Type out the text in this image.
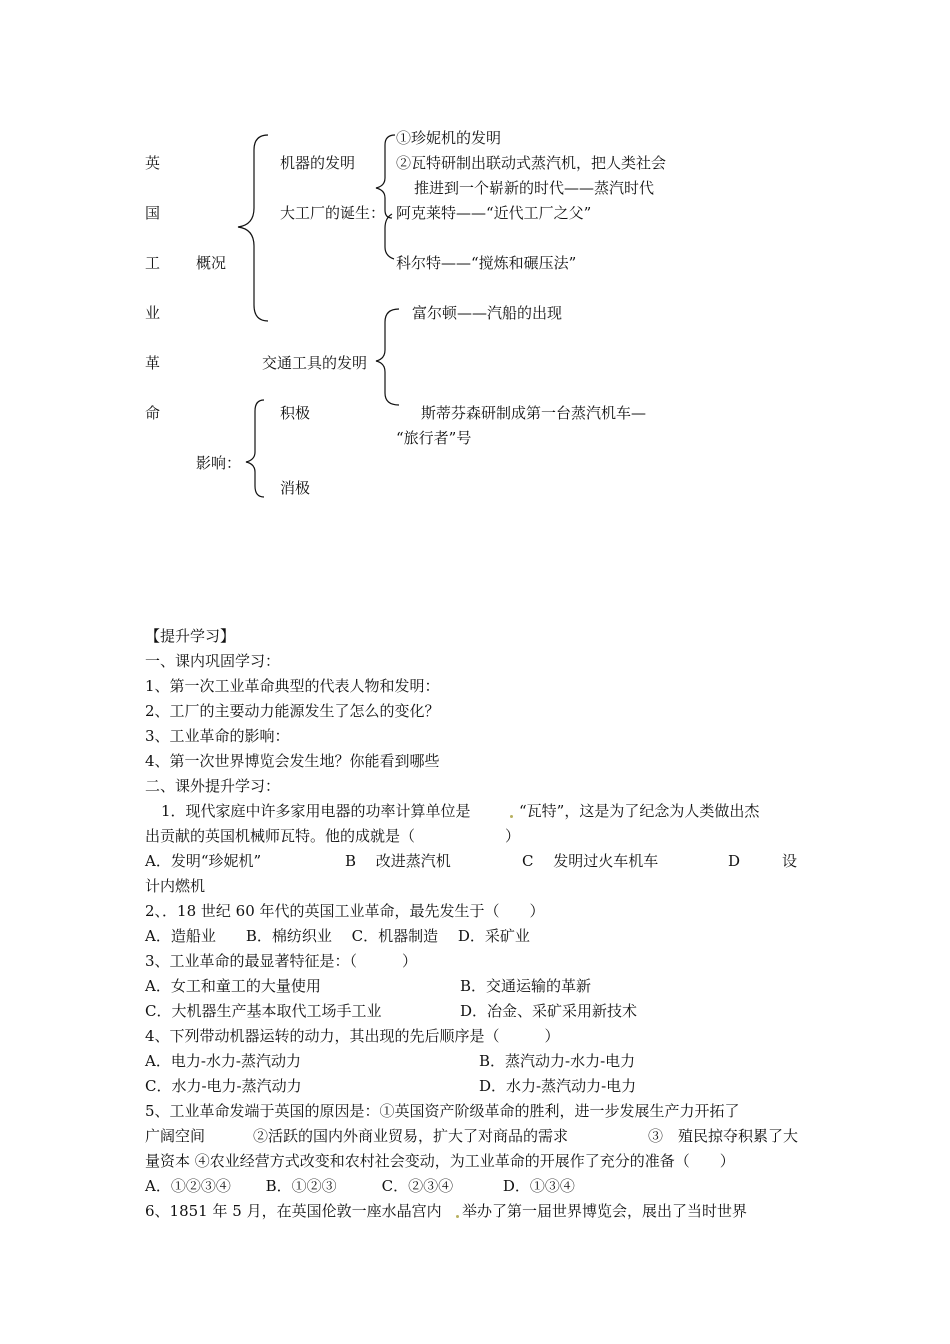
英
国
工
业
革
命
概况
机器的发明
①珍妮机的发明
②瓦特研制出联动式蒸汽机，把人类社会
推进到一个崭新的时代——蒸汽时代
大工厂的诞生： 阿克莱特——“近代工厂之父”
科尔特——“搅炼和碾压法”
富尔顿——汽船的出现
交通工具的发明
斯蒂芬森研制成第一台蒸汽机车—
“旅行者”号
积极
影响：
消极
【提升学习】
一、课内巩固学习：
1、第一次工业革命典型的代表人物和发明：
2、工厂的主要动力能源发生了怎么的变化？
3、工业革命的影响：
4、第一次世界博览会发生地？你能看到哪些
二、课外提升学习：
1．现代家庭中许多家用电器的功率计算单位是	“瓦特”，这是为了纪念为人类做出杰
出贡献的英国机械师瓦特。他的成就是（　　　　　　）
A．发明“珍妮机”	B　 改进蒸汽机	C　 发明过火车机车	D	设
计内燃机
2、．18 世纪 60 年代的英国工业革命，最先发生于（　　）
A．造船业　　B．棉纺织业　 C．机器制造　 D．采矿业
3、工业革命的最显著特征是：（　　　）
A．女工和童工的大量使用	B．交通运输的革新
C．大机器生产基本取代工场手工业	D．冶金、采矿采用新技术
4、下列带动机器运转的动力，其出现的先后顺序是（　　　）
A．电力-水力-蒸汽动力	B．蒸汽动力-水力-电力
C．水力-电力-蒸汽动力	D．水力-蒸汽动力-电力
5、工业革命发端于英国的原因是：①英国资产阶级革命的胜利，进一步发展生产力开拓了
广阔空间	②活跃的国内外商业贸易，扩大了对商品的需求	③　殖民掠夺积累了大
量资本 ④农业经营方式改变和农村社会变动，为工业革命的开展作了充分的准备（　　）
A．①②③④　　 B．①②③　　　C．②③④　　　 D．①③④
6、1851 年 5 月，在英国伦敦一座水晶宫内 举办了第一届世界博览会，展出了当时世界
